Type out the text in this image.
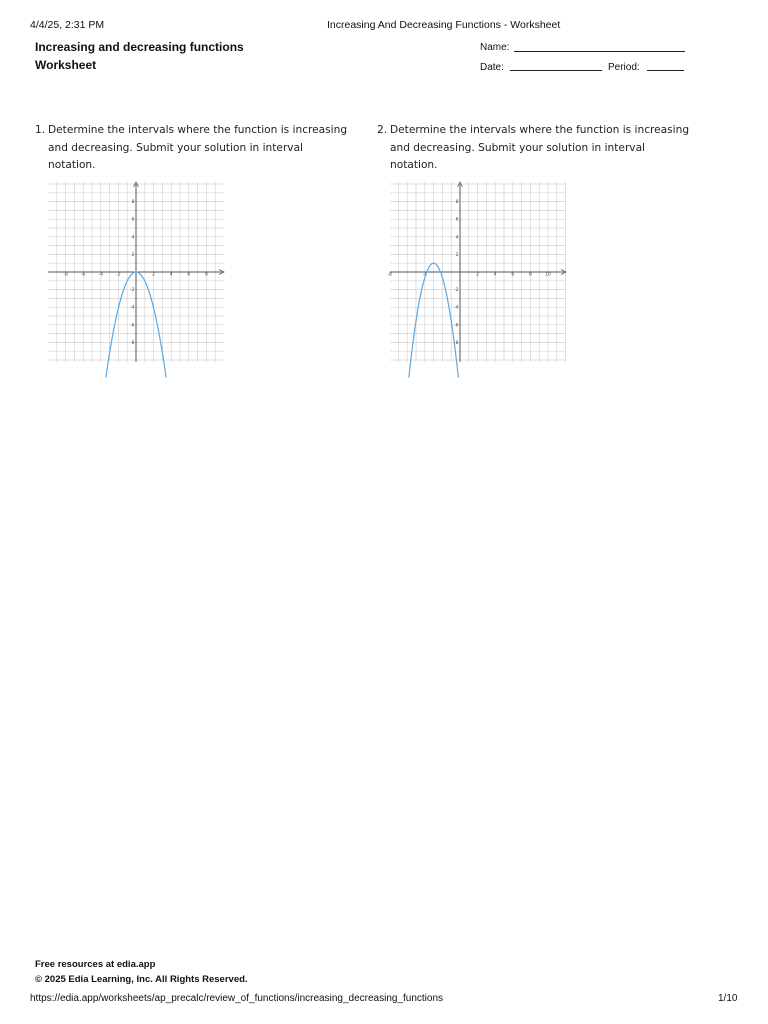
4/4/25, 2:31 PM	Increasing And Decreasing Functions - Worksheet
Increasing and decreasing functions
Worksheet
Name:
Date:	Period:
1. Determine the intervals where the function is increasing and decreasing. Submit your solution in interval notation.
2. Determine the intervals where the function is increasing and decreasing. Submit your solution in interval notation.
-8	-6	-4	-2	2	4	6	8
8
6
4
2
-2
-4
-6
-8
-8	-4	2	4	6	8	10
8
6
4
2
-2
-4
-6
-8
Free resources at edia.app
© 2025 Edia Learning, Inc. All Rights Reserved.
https://edia.app/worksheets/ap_precalc/review_of_functions/increasing_decreasing_functions	1/10
